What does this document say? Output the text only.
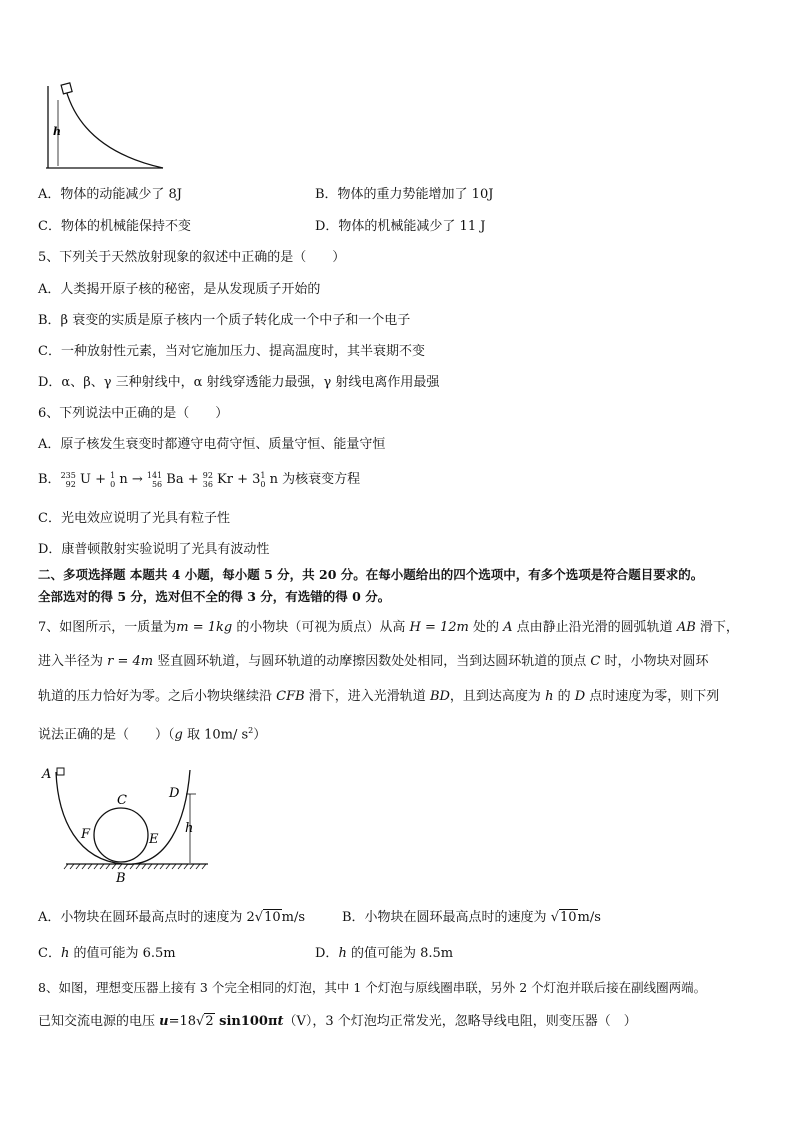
h
A．物体的动能减少了 8J	B．物体的重力势能增加了 10J
C．物体的机械能保持不变	D．物体的机械能减少了 11 J
5、下列关于天然放射现象的叙述中正确的是（　　）
A．人类揭开原子核的秘密，是从发现质子开始的
B．β 衰变的实质是原子核内一个质子转化成一个中子和一个电子
C．一种放射性元素，当对它施加压力、提高温度时，其半衰期不变
D．α、β、γ 三种射线中，α 射线穿透能力最强，γ 射线电离作用最强
6、下列说法中正确的是（　　）
A．原子核发生衰变时都遵守电荷守恒、质量守恒、能量守恒
B．235
92 U + 1
0 n → 141
56 Ba + 92
36 Kr + 31
0 n 为核衰变方程
C．光电效应说明了光具有粒子性
D．康普顿散射实验说明了光具有波动性
二、多项选择题 本题共 4 小题，每小题 5 分，共 20 分。在每小题给出的四个选项中，有多个选项是符合题目要求的。
全部选对的得 5 分，选对但不全的得 3 分，有选错的得 0 分。
7、如图所示，一质量为m = 1kg 的小物块（可视为质点）从高 H = 12m 处的 A 点由静止沿光滑的圆弧轨道 AB 滑下，
进入半径为 r = 4m 竖直圆环轨道，与圆环轨道的动摩擦因数处处相同，当到达圆环轨道的顶点 C 时，小物块对圆环
轨道的压力恰好为零。之后小物块继续沿 CFB 滑下，进入光滑轨道 BD，且到达高度为 h 的 D 点时速度为零，则下列
说法正确的是（　　）（g 取 10m/ $s^2$）
A
C	D
F	E
B
h
A．小物块在圆环最高点时的速度为 2√10m/s	B．小物块在圆环最高点时的速度为 √10m/s
C．h 的值可能为 6.5m	D．h 的值可能为 8.5m
8、如图，理想变压器上接有 3 个完全相同的灯泡，其中 1 个灯泡与原线圈串联，另外 2 个灯泡并联后接在副线圈两端。
已知交流电源的电压 u=18√2 sin100πt（V），3 个灯泡均正常发光，忽略导线电阻，则变压器（　）
